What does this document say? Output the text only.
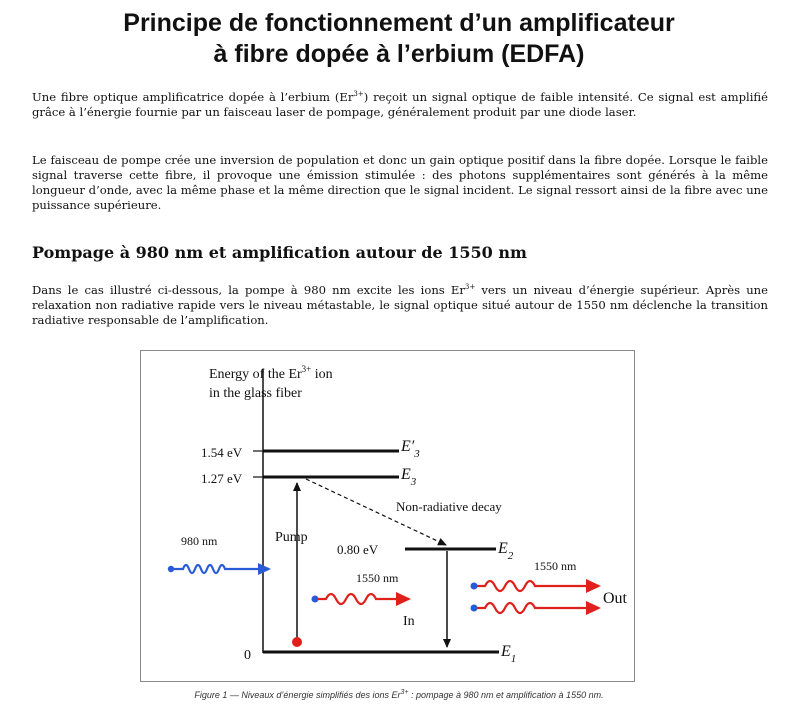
Principe de fonctionnement d’un amplificateur
à fibre dopée à l’erbium (EDFA)

Une fibre optique amplificatrice dopée à l’erbium $(Er^{3+})$ reçoit un signal optique de faible intensité. Ce signal est amplifié grâce à l’énergie fournie par un faisceau laser de pompage, généralement produit par une diode laser.

Le faisceau de pompe crée une inversion de population et donc un gain optique positif dans la fibre dopée. Lorsque le faible signal traverse cette fibre, il provoque une émission stimulée : des photons supplémentaires sont générés à la même longueur d’onde, avec la même phase et la même direction que le signal incident. Le signal ressort ainsi de la fibre avec une puissance supérieure.

Pompage à 980 nm et amplification autour de 1550 nm

Dans le cas illustré ci-dessous, la pompe à 980 nm excite les ions $Er^{3+}$ vers un niveau d’énergie supérieur. Après une relaxation non radiative rapide vers le niveau métastable, le signal optique situé autour de 1550 nm déclenche la transition radiative responsable de l’amplification.

Energy of the $Er^{3+}$ ion
in the glass fiber
1.54 eV
1.27 eV
0
0.80 eV
$E'_3$
$E_3$
$E_2$
$E_1$
Non-radiative decay
Pump
980 nm
1550 nm
In
1550 nm
Out

Figure 1 — Niveaux d’énergie simplifiés des ions $Er^{3+}$ : pompage à 980 nm et amplification à 1550 nm.
